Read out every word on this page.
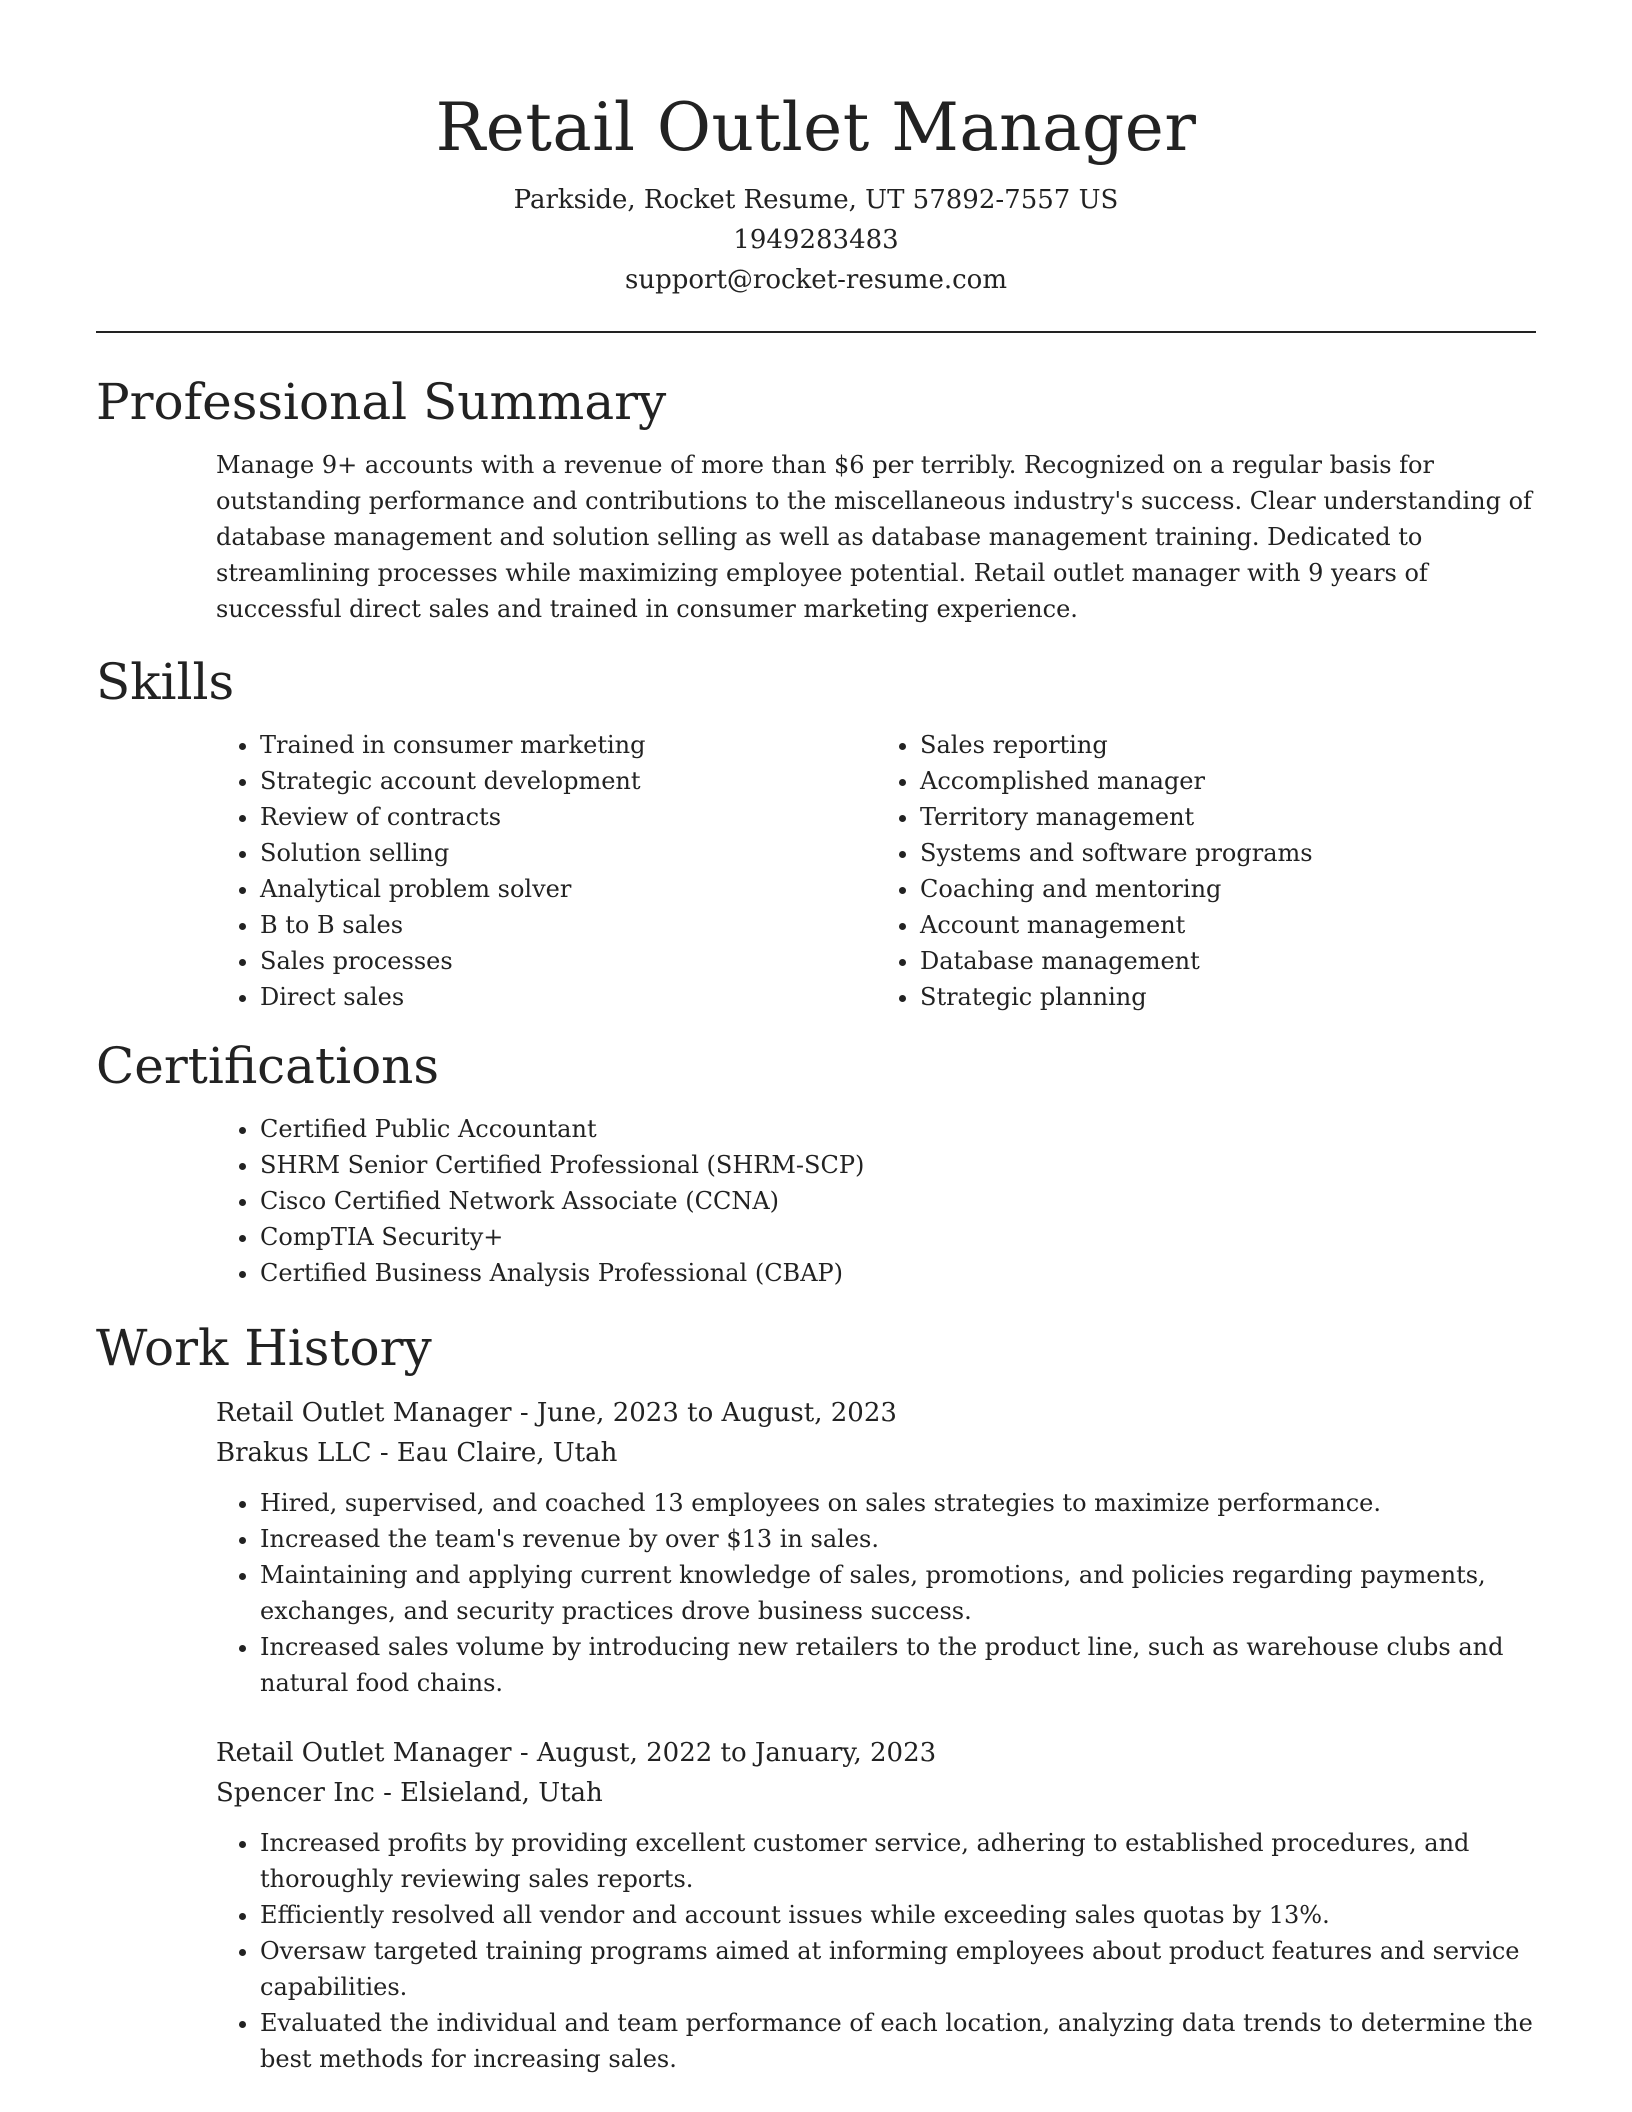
Retail Outlet Manager
Parkside, Rocket Resume, UT 57892-7557 US
1949283483
support@rocket-resume.com
Professional Summary
Manage 9+ accounts with a revenue of more than $6 per terribly. Recognized on a regular basis for outstanding performance and contributions to the miscellaneous industry's success. Clear understanding of database management and solution selling as well as database management training. Dedicated to streamlining processes while maximizing employee potential. Retail outlet manager with 9 years of successful direct sales and trained in consumer marketing experience.
Skills
• Trained in consumer marketing
• Strategic account development
• Review of contracts
• Solution selling
• Analytical problem solver
• B to B sales
• Sales processes
• Direct sales
• Sales reporting
• Accomplished manager
• Territory management
• Systems and software programs
• Coaching and mentoring
• Account management
• Database management
• Strategic planning
Certifications
• Certified Public Accountant
• SHRM Senior Certified Professional (SHRM-SCP)
• Cisco Certified Network Associate (CCNA)
• CompTIA Security+
• Certified Business Analysis Professional (CBAP)
Work History
Retail Outlet Manager - June, 2023 to August, 2023
Brakus LLC - Eau Claire, Utah
• Hired, supervised, and coached 13 employees on sales strategies to maximize performance.
• Increased the team's revenue by over $13 in sales.
• Maintaining and applying current knowledge of sales, promotions, and policies regarding payments, exchanges, and security practices drove business success.
• Increased sales volume by introducing new retailers to the product line, such as warehouse clubs and natural food chains.
Retail Outlet Manager - August, 2022 to January, 2023
Spencer Inc - Elsieland, Utah
• Increased profits by providing excellent customer service, adhering to established procedures, and thoroughly reviewing sales reports.
• Efficiently resolved all vendor and account issues while exceeding sales quotas by 13%.
• Oversaw targeted training programs aimed at informing employees about product features and service capabilities.
• Evaluated the individual and team performance of each location, analyzing data trends to determine the best methods for increasing sales.
